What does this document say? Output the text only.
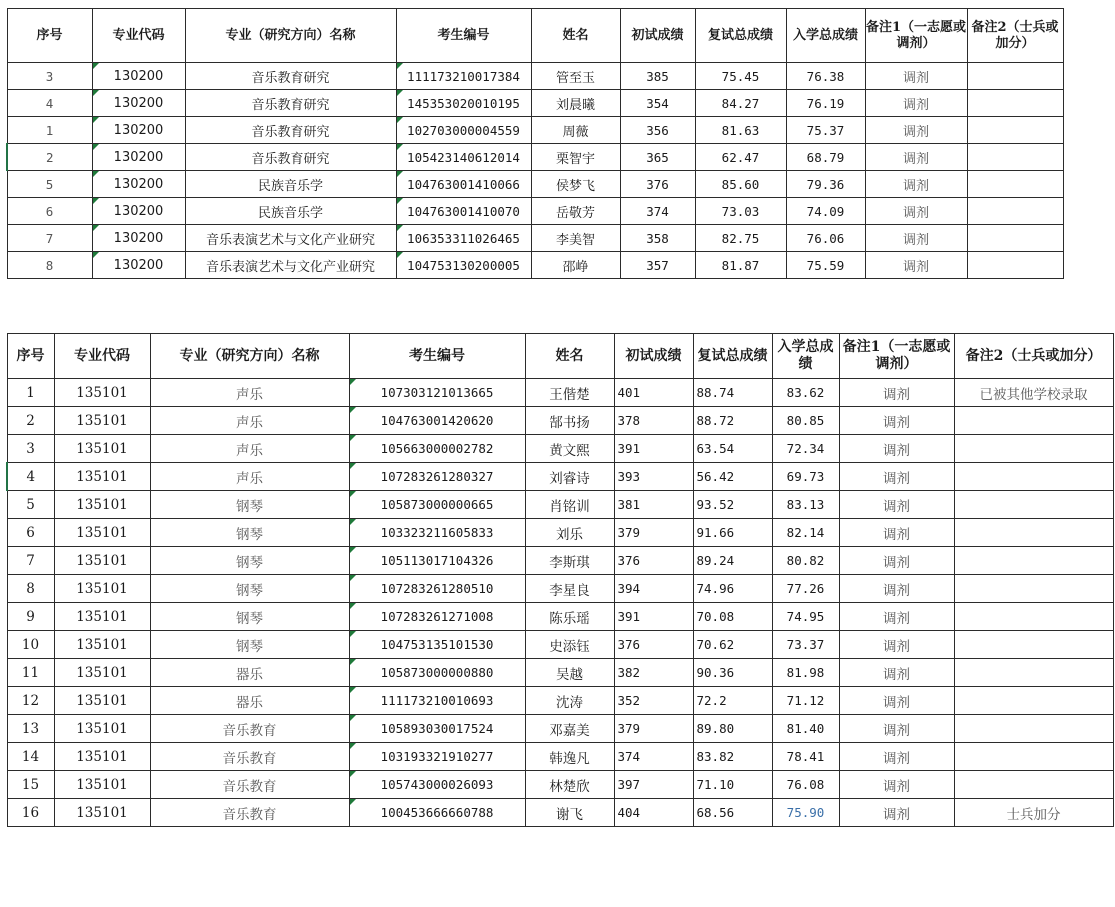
序号	专业代码	专业（研究方向）名称	考生编号	姓名	初试成绩	复试总成绩	入学总成绩	备注1（一志愿或调剂）	备注2（士兵或加分）
3	130200	音乐教育研究	111173210017384	管至玉	385	75.45	76.38	调剂	
4	130200	音乐教育研究	145353020010195	刘晨曦	354	84.27	76.19	调剂	
1	130200	音乐教育研究	102703000004559	周薇	356	81.63	75.37	调剂	
2	130200	音乐教育研究	105423140612014	栗智宇	365	62.47	68.79	调剂	
5	130200	民族音乐学	104763001410066	侯梦飞	376	85.60	79.36	调剂	
6	130200	民族音乐学	104763001410070	岳敬芳	374	73.03	74.09	调剂	
7	130200	音乐表演艺术与文化产业研究	106353311026465	李美智	358	82.75	76.06	调剂	
8	130200	音乐表演艺术与文化产业研究	104753130200005	邵峥	357	81.87	75.59	调剂	
序号	专业代码	专业（研究方向）名称	考生编号	姓名	初试成绩	复试总成绩	入学总成绩	备注1（一志愿或调剂）	备注2（士兵或加分）
1	135101	声乐	107303121013665	王偕楚	401	88.74	83.62	调剂	已被其他学校录取
2	135101	声乐	104763001420620	郜书扬	378	88.72	80.85	调剂	
3	135101	声乐	105663000002782	黄文熙	391	63.54	72.34	调剂	
4	135101	声乐	107283261280327	刘睿诗	393	56.42	69.73	调剂	
5	135101	钢琴	105873000000665	肖铭训	381	93.52	83.13	调剂	
6	135101	钢琴	103323211605833	刘乐	379	91.66	82.14	调剂	
7	135101	钢琴	105113017104326	李斯琪	376	89.24	80.82	调剂	
8	135101	钢琴	107283261280510	李星良	394	74.96	77.26	调剂	
9	135101	钢琴	107283261271008	陈乐瑶	391	70.08	74.95	调剂	
10	135101	钢琴	104753135101530	史添钰	376	70.62	73.37	调剂	
11	135101	器乐	105873000000880	吴越	382	90.36	81.98	调剂	
12	135101	器乐	111173210010693	沈涛	352	72.2	71.12	调剂	
13	135101	音乐教育	105893030017524	邓嘉美	379	89.80	81.40	调剂	
14	135101	音乐教育	103193321910277	韩逸凡	374	83.82	78.41	调剂	
15	135101	音乐教育	105743000026093	林楚欣	397	71.10	76.08	调剂	
16	135101	音乐教育	100453666660788	谢飞	404	68.56	75.90	调剂	士兵加分
